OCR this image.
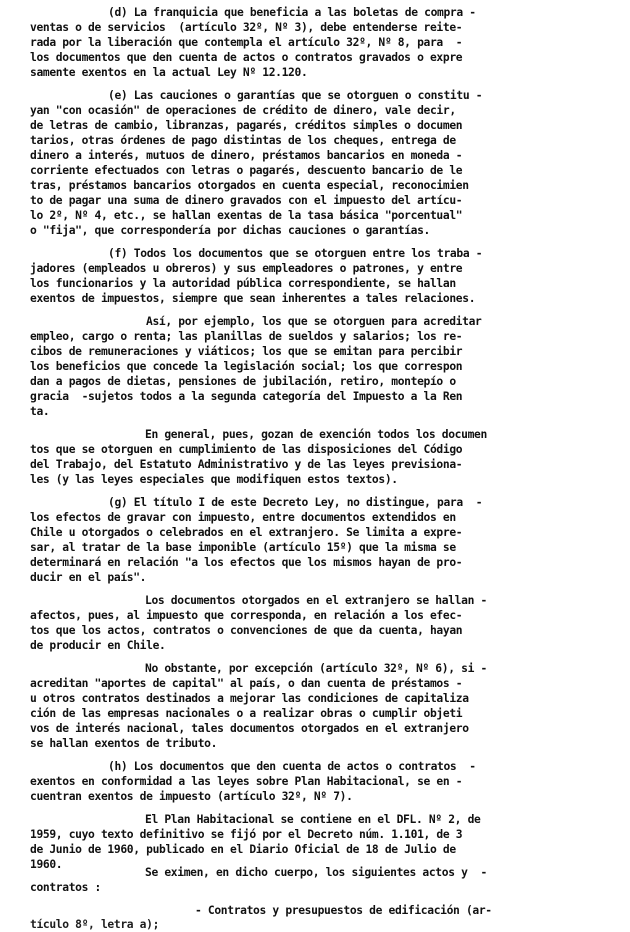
(d) La franquicia que beneficia a las boletas de compra -
ventas o de servicios  (artículo 32º, Nº 3), debe entenderse reite-
rada por la liberación que contempla el artículo 32º, Nº 8, para  -
los documentos que den cuenta de actos o contratos gravados o expre
samente exentos en la actual Ley Nº 12.120.
(e) Las cauciones o garantías que se otorguen o constitu -
yan "con ocasión" de operaciones de crédito de dinero, vale decir,
de letras de cambio, libranzas, pagarés, créditos simples o documen
tarios, otras órdenes de pago distintas de los cheques, entrega de
dinero a interés, mutuos de dinero, préstamos bancarios en moneda -
corriente efectuados con letras o pagarés, descuento bancario de le
tras, préstamos bancarios otorgados en cuenta especial, reconocimien
to de pagar una suma de dinero gravados con el impuesto del artícu-
lo 2º, Nº 4, etc., se hallan exentas de la tasa básica "porcentual"
o "fija", que correspondería por dichas cauciones o garantías.
(f) Todos los documentos que se otorguen entre los traba -
jadores (empleados u obreros) y sus empleadores o patrones, y entre
los funcionarios y la autoridad pública correspondiente, se hallan
exentos de impuestos, siempre que sean inherentes a tales relaciones.
Así, por ejemplo, los que se otorguen para acreditar
empleo, cargo o renta; las planillas de sueldos y salarios; los re-
cibos de remuneraciones y viáticos; los que se emitan para percibir
los beneficios que concede la legislación social; los que correspon
dan a pagos de dietas, pensiones de jubilación, retiro, montepío o
gracia  -sujetos todos a la segunda categoría del Impuesto a la Ren
ta.
En general, pues, gozan de exención todos los documen
tos que se otorguen en cumplimiento de las disposiciones del Código
del Trabajo, del Estatuto Administrativo y de las leyes previsiona-
les (y las leyes especiales que modifiquen estos textos).
(g) El título I de este Decreto Ley, no distingue, para  -
los efectos de gravar con impuesto, entre documentos extendidos en
Chile u otorgados o celebrados en el extranjero. Se limita a expre-
sar, al tratar de la base imponible (artículo 15º) que la misma se
determinará en relación "a los efectos que los mismos hayan de pro-
ducir en el país".
Los documentos otorgados en el extranjero se hallan -
afectos, pues, al impuesto que corresponda, en relación a los efec-
tos que los actos, contratos o convenciones de que da cuenta, hayan
de producir en Chile.
No obstante, por excepción (artículo 32º, Nº 6), si -
acreditan "aportes de capital" al país, o dan cuenta de préstamos -
u otros contratos destinados a mejorar las condiciones de capitaliza
ción de las empresas nacionales o a realizar obras o cumplir objeti
vos de interés nacional, tales documentos otorgados en el extranjero
se hallan exentos de tributo.
(h) Los documentos que den cuenta de actos o contratos  -
exentos en conformidad a las leyes sobre Plan Habitacional, se en -
cuentran exentos de impuesto (artículo 32º, Nº 7).
El Plan Habitacional se contiene en el DFL. Nº 2, de
1959, cuyo texto definitivo se fijó por el Decreto núm. 1.101, de 3
de Junio de 1960, publicado en el Diario Oficial de 18 de Julio de
1960.
Se eximen, en dicho cuerpo, los siguientes actos y  -
contratos :
- Contratos y presupuestos de edificación (ar-
tículo 8º, letra a);
